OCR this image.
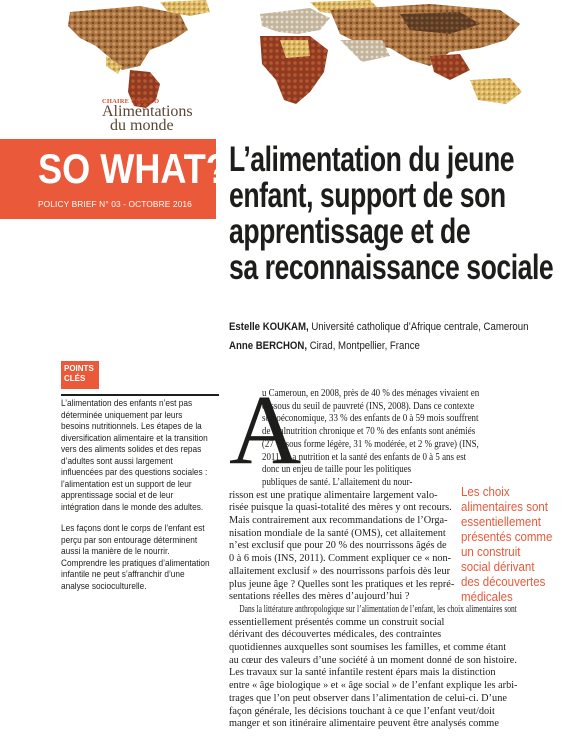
CHAIRE UNESCO
Alimentations
du monde
SO WHAT?
POLICY BRIEF N° 03 - OCTOBRE 2016
L’alimentation du jeune
enfant, support de son
apprentissage et de
sa reconnaissance sociale
Estelle KOUKAM, Université catholique d’Afrique centrale, Cameroun
Anne BERCHON, Cirad, Montpellier, France
POINTS
CLÉS

L’alimentation des enfants n’est pas déterminée uniquement par leurs besoins nutritionnels. Les étapes de la diversification alimentaire et la transition vers des aliments solides et des repas d’adultes sont aussi largement influencées par des questions sociales : l’alimentation est un support de leur apprentissage social et de leur intégration dans le monde des adultes.

Les façons dont le corps de l’enfant est perçu par son entourage déterminent aussi la manière de le nourrir. Comprendre les pratiques d’alimentation infantile ne peut s’affranchir d’une analyse socioculturelle.

A
u Cameroun, en 2008, près de 40 % des ménages vivaient en
dessous du seuil de pauvreté (INS, 2008). Dans ce contexte
socioéconomique, 33 % des enfants de 0 à 59 mois souffrent
de malnutrition chronique et 70 % des enfants sont anémiés
(27 % sous forme légère, 31 % modérée, et 2 % grave) (INS,
2011). La nutrition et la santé des enfants de 0 à 5 ans est
donc un enjeu de taille pour les politiques
publiques de santé. L’allaitement du nour-
risson est une pratique alimentaire largement valo-
risée puisque la quasi-totalité des mères y ont recours.
Mais contrairement aux recommandations de l’Orga-
nisation mondiale de la santé (OMS), cet allaitement
n’est exclusif que pour 20 % des nourrissons âgés de
0 à 6 mois (INS, 2011). Comment expliquer ce « non-
allaitement exclusif » des nourrissons parfois dès leur
plus jeune âge ? Quelles sont les pratiques et les repré-
sentations réelles des mères d’aujourd’hui ?
Dans la littérature anthropologique sur l’alimentation de l’enfant, les choix alimentaires sont
essentiellement présentés comme un construit social
dérivant des découvertes médicales, des contraintes
quotidiennes auxquelles sont soumises les familles, et comme étant
au cœur des valeurs d’une société à un moment donné de son histoire.
Les travaux sur la santé infantile restent épars mais la distinction
entre « âge biologique » et « âge social » de l’enfant explique les arbi-
trages que l’on peut observer dans l’alimentation de celui-ci. D’une
façon générale, les décisions touchant à ce que l’enfant veut/doit
manger et son itinéraire alimentaire peuvent être analysés comme
Les choix alimentaires sont essentiellement présentés comme un construit social dérivant des découvertes médicales
